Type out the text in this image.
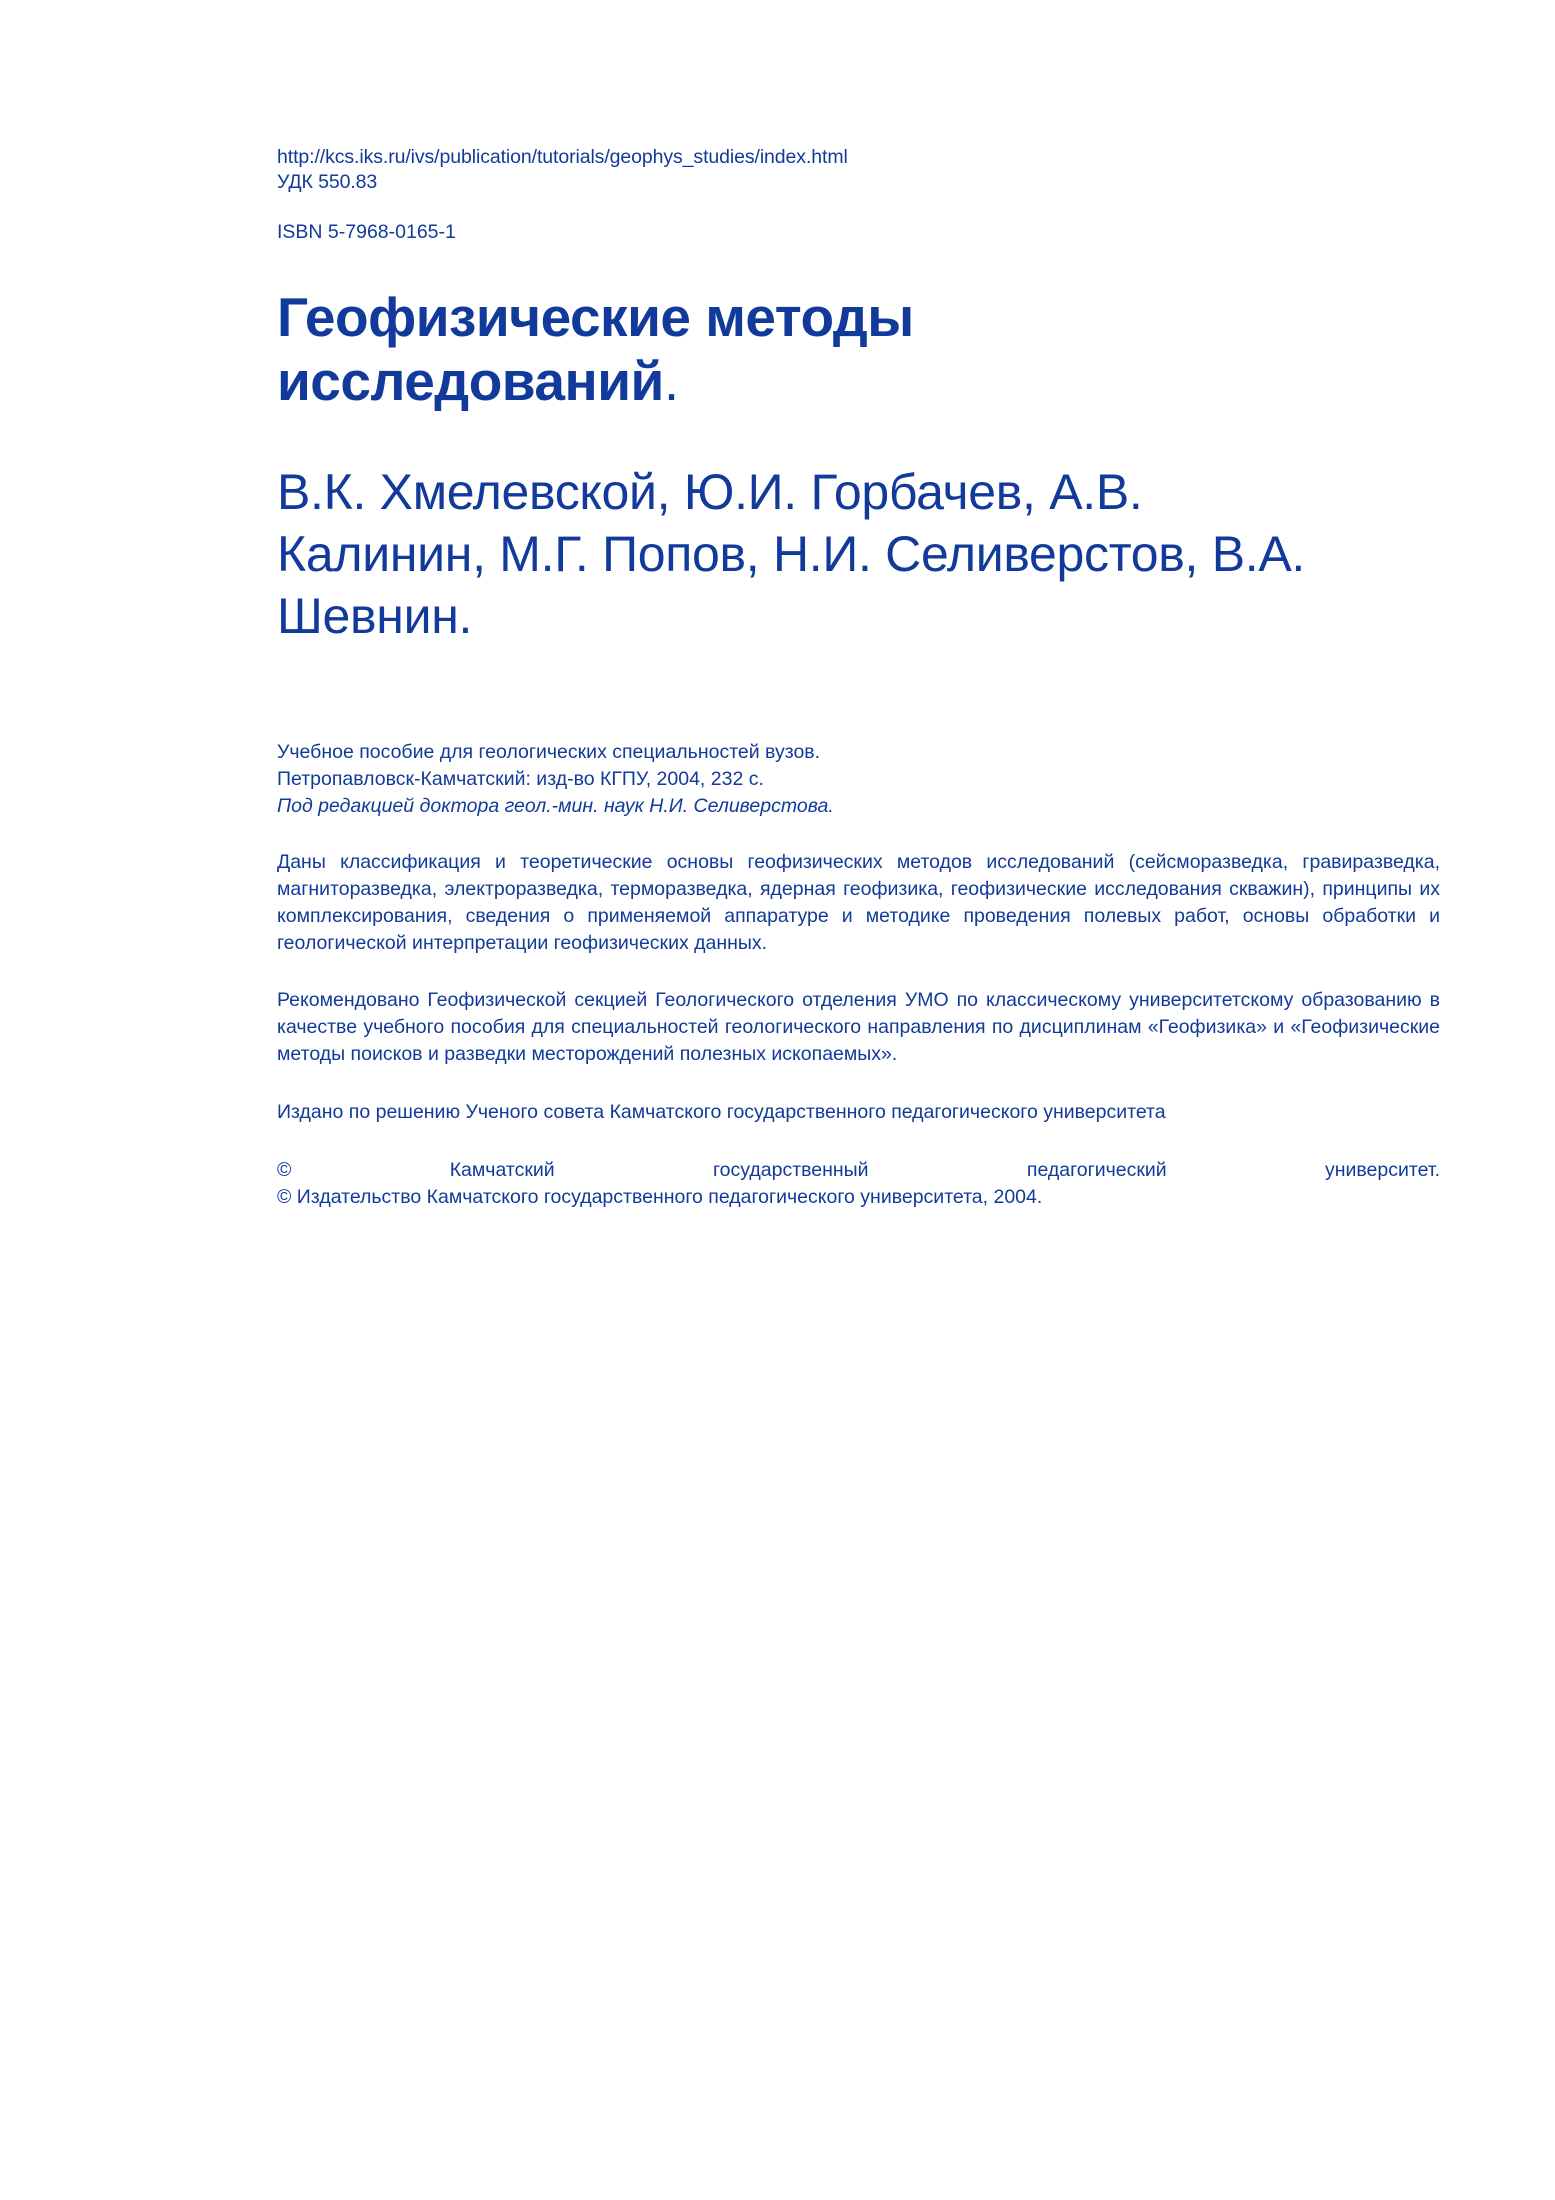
http://kcs.iks.ru/ivs/publication/tutorials/geophys_studies/index.html
УДК 550.83
ISBN 5-7968-0165-1
Геофизические методы исследований.
В.К. Хмелевской, Ю.И. Горбачев, А.В. Калинин, М.Г. Попов, Н.И. Селиверстов, В.А. Шевнин.
Учебное пособие для геологических специальностей вузов.
Петропавловск-Камчатский: изд-во КГПУ, 2004, 232 с.
Под редакцией доктора геол.-мин. наук Н.И. Селиверстова.

Даны классификация и теоретические основы геофизических методов исследований (сейсморазведка, гравиразведка, магниторазведка, электроразведка, терморазведка, ядерная геофизика, геофизические исследования скважин), принципы их комплексирования, сведения о применяемой аппаратуре и методике проведения полевых работ, основы обработки и геологической интерпретации геофизических данных.

Рекомендовано Геофизической секцией Геологического отделения УМО по классическому университетскому образованию в качестве учебного пособия для специальностей геологического направления по дисциплинам «Геофизика» и «Геофизические методы поисков и разведки месторождений полезных ископаемых».

Издано по решению Ученого совета Камчатского государственного педагогического университета

© Камчатский государственный педагогический университет.
© Издательство Камчатского государственного педагогического университета, 2004.
